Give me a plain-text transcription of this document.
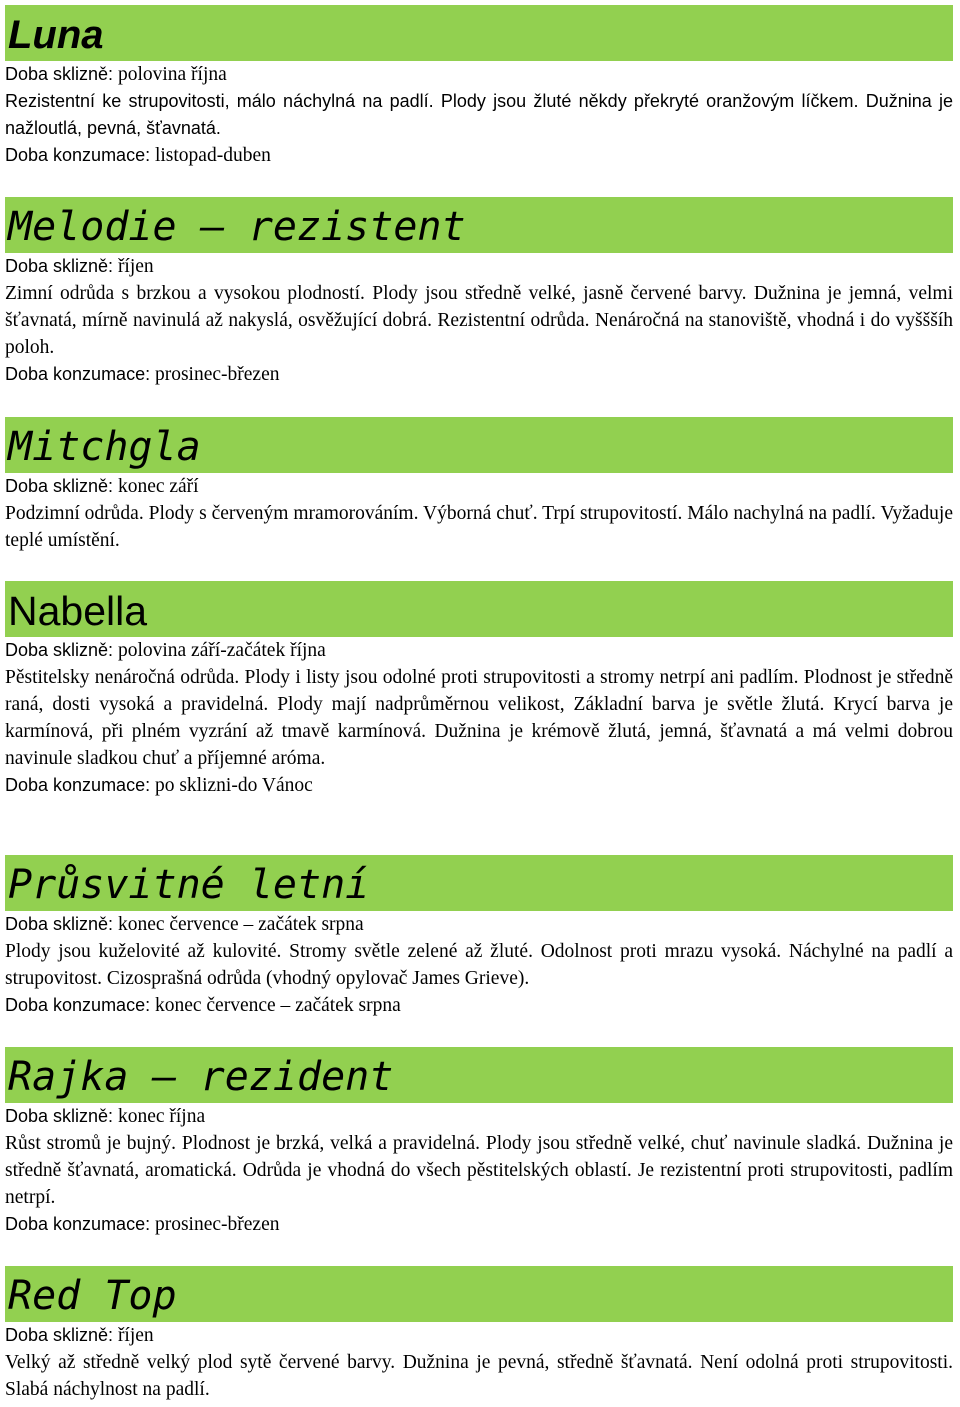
Luna

Doba sklizně: polovina října

Rezistentní ke strupovitosti, málo náchylná na padlí. Plody jsou žluté někdy překryté oranžovým líčkem. Dužnina je nažloutlá, pevná, šťavnatá.

Doba konzumace: listopad-duben

Melodie – rezistent

Doba sklizně: říjen

Zimní odrůda s brzkou a vysokou plodností. Plody jsou středně velké, jasně červené barvy. Dužnina je jemná, velmi šťavnatá, mírně navinulá až nakyslá, osvěžující dobrá. Rezistentní odrůda. Nenáročná na stanoviště, vhodná i do vyšššíh poloh.

Doba konzumace: prosinec-březen

Mitchgla

Doba sklizně: konec září

Podzimní odrůda. Plody s červeným mramorováním. Výborná chuť. Trpí strupovitostí. Málo nachylná na padlí. Vyžaduje teplé umístění.

Nabella

Doba sklizně: polovina září-začátek října

Pěstitelsky nenáročná odrůda. Plody i listy jsou odolné proti strupovitosti a stromy netrpí ani padlím. Plodnost je středně raná, dosti vysoká a pravidelná. Plody mají nadprůměrnou velikost, Základní barva je světle žlutá. Krycí barva je karmínová, při plném vyzrání až tmavě karmínová. Dužnina je krémově žlutá, jemná, šťavnatá a má velmi dobrou navinule sladkou chuť a příjemné aróma.

Doba konzumace: po sklizni-do Vánoc

Průsvitné letní

Doba sklizně: konec července – začátek srpna

Plody jsou kuželovité až kulovité. Stromy světle zelené až žluté. Odolnost proti mrazu vysoká. Náchylné na padlí a strupovitost. Cizosprašná odrůda (vhodný opylovač James Grieve).

Doba konzumace: konec července – začátek srpna

Rajka – rezident

Doba sklizně: konec října

Růst stromů je bujný. Plodnost je brzká, velká a pravidelná. Plody jsou středně velké, chuť navinule sladká. Dužnina je středně šťavnatá, aromatická. Odrůda je vhodná do všech pěstitelských oblastí. Je rezistentní proti strupovitosti, padlím netrpí.

Doba konzumace: prosinec-březen

Red Top

Doba sklizně: říjen

Velký až středně velký plod sytě červené barvy. Dužnina je pevná, středně šťavnatá. Není odolná proti strupovitosti. Slabá náchylnost na padlí.
